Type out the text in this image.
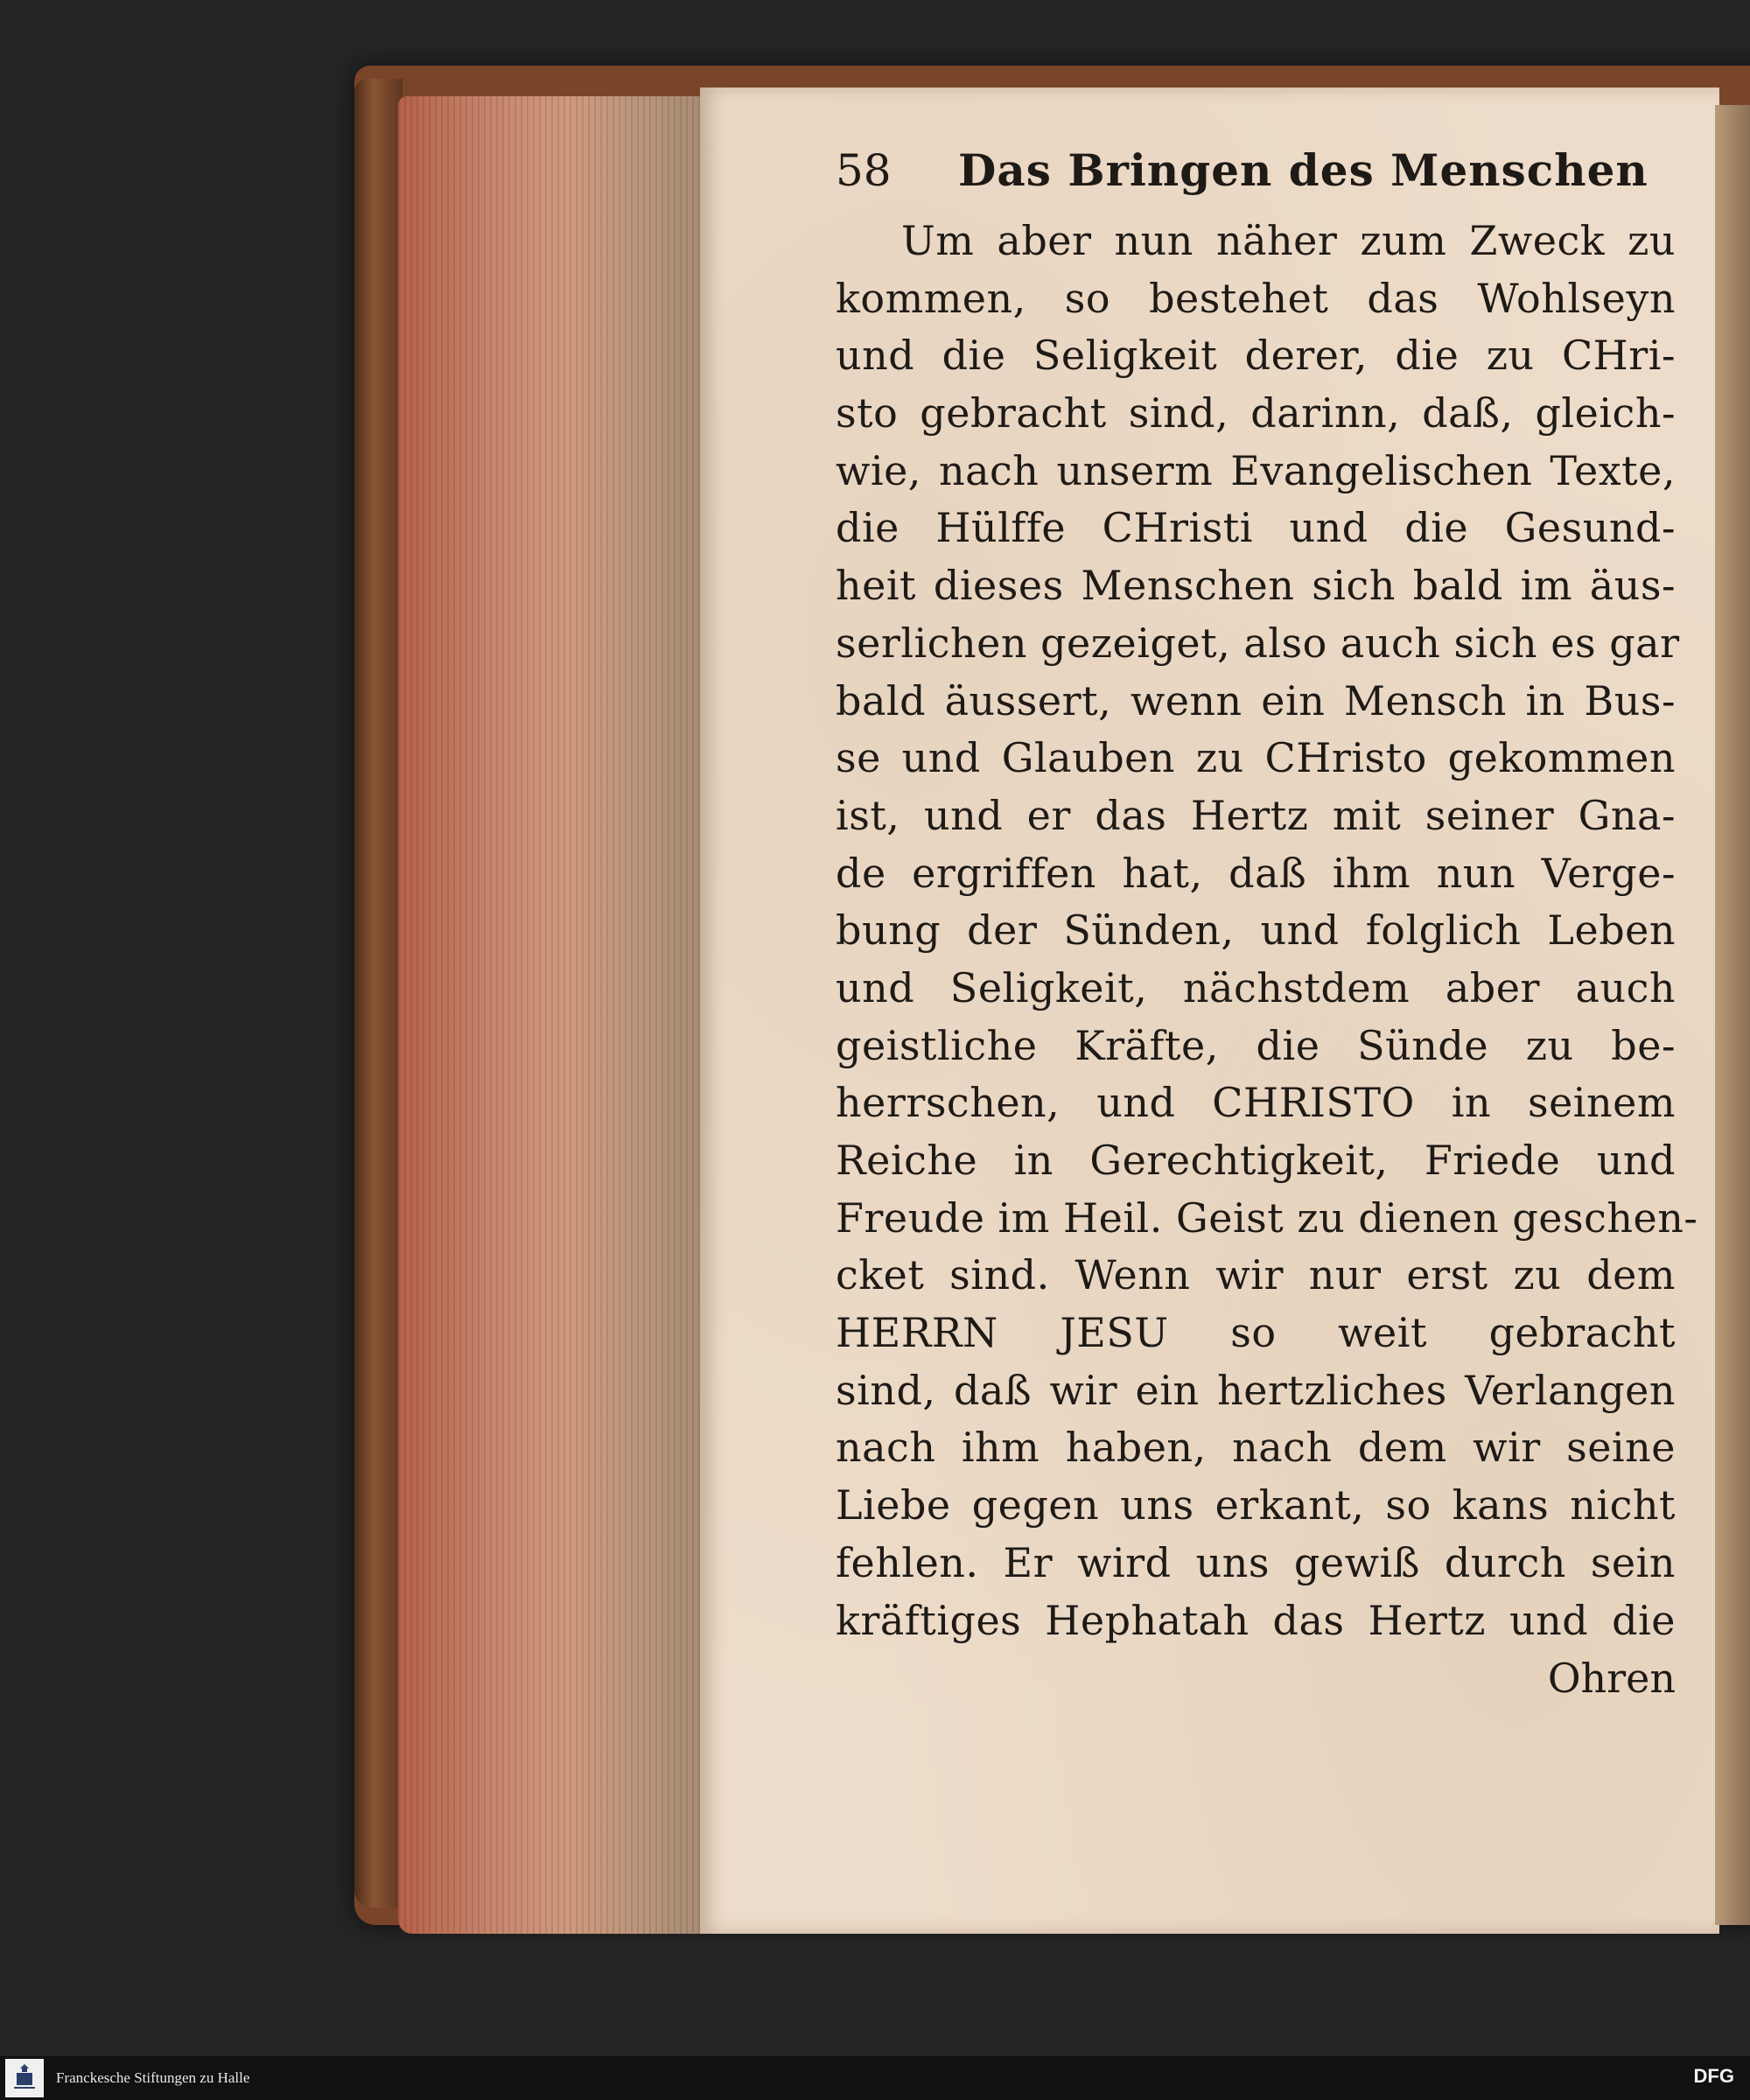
58	Das Bringen des Menschen
Um aber nun näher zum Zweck zu
kommen, so bestehet das Wohlseyn
und die Seligkeit derer, die zu CHri-
sto gebracht sind, darinn, daß, gleich-
wie, nach unserm Evangelischen Texte,
die Hülffe CHristi und die Gesund-
heit dieses Menschen sich bald im äus-
serlichen gezeiget, also auch sich es gar
bald äussert, wenn ein Mensch in Bus-
se und Glauben zu CHristo gekommen
ist, und er das Hertz mit seiner Gna-
de ergriffen hat, daß ihm nun Verge-
bung der Sünden, und folglich Leben
und Seligkeit, nächstdem aber auch
geistliche Kräfte, die Sünde zu be-
herrschen, und CHRISTO in seinem
Reiche in Gerechtigkeit, Friede und
Freude im Heil. Geist zu dienen geschen-
cket sind. Wenn wir nur erst zu dem
HERRN JESU so weit gebracht
sind, daß wir ein hertzliches Verlangen
nach ihm haben, nach dem wir seine
Liebe gegen uns erkant, so kans nicht
fehlen. Er wird uns gewiß durch sein
kräftiges Hephatah das Hertz und die
Ohren
Franckesche Stiftungen zu Halle	DFG
